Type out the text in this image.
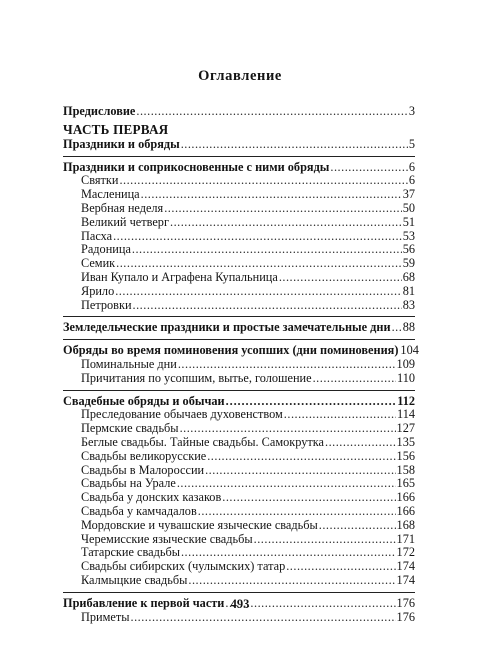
Оглавление
Предисловие .....	3
ЧАСТЬ ПЕРВАЯ
Праздники и обряды .....	5
Праздники и соприкосновенные с ними обряды .....	6
Святки .....	6
Масленица .....	37
Вербная неделя .....	50
Великий четверг .....	51
Пасха .....	53
Радоница .....	56
Семик .....	59
Иван Купало и Аграфена Купальница .....	68
Ярило .....	81
Петровки .....	83
Земледельческие праздники и простые замечательные дни ..... 88
Обряды во время поминовения усопших (дни поминовения) 104
Поминальные дни .....	109
Причитания по усопшим, вытье, голошение .....	110
Свадебные обряды и обычаи .....	112
Преследование обычаев духовенством .....	114
Пермские свадьбы .....	127
Беглые свадьбы. Тайные свадьбы. Самокрутка .....	135
Свадьбы великорусские .....	156
Свадьбы в Малороссии .....	158
Свадьбы на Урале .....	165
Свадьба у донских казаков .....	166
Свадьба у камчадалов .....	166
Мордовские и чувашские языческие свадьбы .....	168
Черемисские языческие свадьбы .....	171
Татарские свадьбы .....	172
Свадьбы сибирских (чулымских) татар .....	174
Калмыцкие свадьбы .....	174
Прибавление к первой части .....	176
Приметы .....	176
493
